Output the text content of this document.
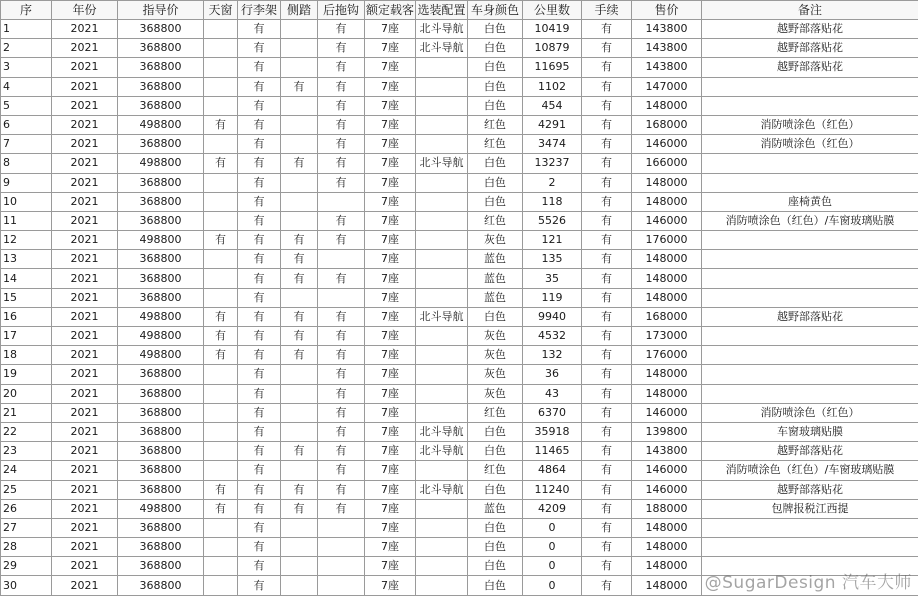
序	年份	指导价	天窗	行李架	侧踏	后拖钩	额定载客	选装配置	车身颜色	公里数	手续	售价	备注
1	2021	368800		有		有	7座	北斗导航	白色	10419	有	143800	越野部落贴花
2	2021	368800		有		有	7座	北斗导航	白色	10879	有	143800	越野部落贴花
3	2021	368800		有		有	7座		白色	11695	有	143800	越野部落贴花
4	2021	368800		有	有	有	7座		白色	1102	有	147000	
5	2021	368800		有		有	7座		白色	454	有	148000	
6	2021	498800	有	有		有	7座		红色	4291	有	168000	消防喷涂色（红色）
7	2021	368800		有		有	7座		红色	3474	有	146000	消防喷涂色（红色）
8	2021	498800	有	有	有	有	7座	北斗导航	白色	13237	有	166000	
9	2021	368800		有		有	7座		白色	2	有	148000	
10	2021	368800		有			7座		白色	118	有	148000	座椅黄色
11	2021	368800		有		有	7座		红色	5526	有	146000	消防喷涂色（红色）/车窗玻璃贴膜
12	2021	498800	有	有	有	有	7座		灰色	121	有	176000	
13	2021	368800		有	有		7座		蓝色	135	有	148000	
14	2021	368800		有	有	有	7座		蓝色	35	有	148000	
15	2021	368800		有			7座		蓝色	119	有	148000	
16	2021	498800	有	有	有	有	7座	北斗导航	白色	9940	有	168000	越野部落贴花
17	2021	498800	有	有	有	有	7座		灰色	4532	有	173000	
18	2021	498800	有	有	有	有	7座		灰色	132	有	176000	
19	2021	368800		有		有	7座		灰色	36	有	148000	
20	2021	368800		有		有	7座		灰色	43	有	148000	
21	2021	368800		有		有	7座		红色	6370	有	146000	消防喷涂色（红色）
22	2021	368800		有		有	7座	北斗导航	白色	35918	有	139800	车窗玻璃贴膜
23	2021	368800		有	有	有	7座	北斗导航	白色	11465	有	143800	越野部落贴花
24	2021	368800		有		有	7座		红色	4864	有	146000	消防喷涂色（红色）/车窗玻璃贴膜
25	2021	368800	有	有	有	有	7座	北斗导航	白色	11240	有	146000	越野部落贴花
26	2021	498800	有	有	有	有	7座		蓝色	4209	有	188000	包牌报税江西提
27	2021	368800		有			7座		白色	0	有	148000	
28	2021	368800		有			7座		白色	0	有	148000	
29	2021	368800		有			7座		白色	0	有	148000	
30	2021	368800		有			7座		白色	0	有	148000	@SugarDesign 汽车大师
